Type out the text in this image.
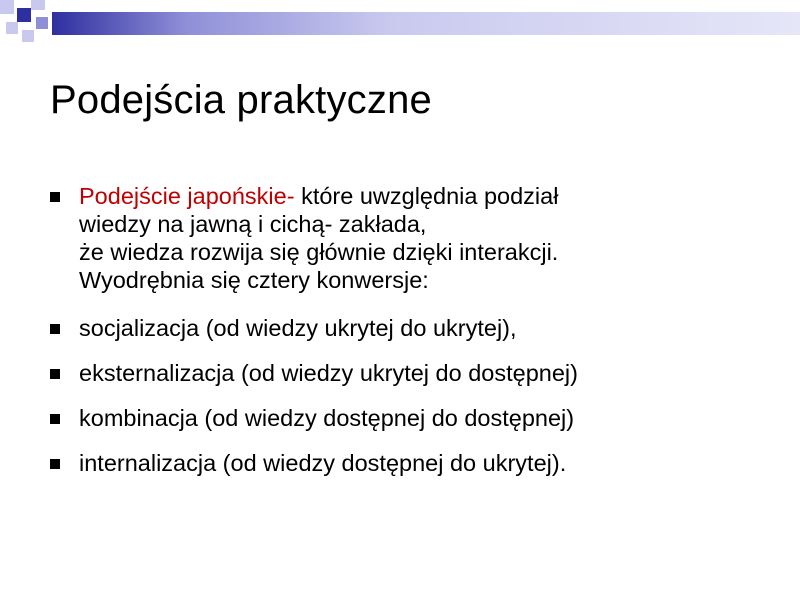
Podejścia praktyczne
Podejście japońskie- które uwzględnia podział
wiedzy na jawną i cichą- zakłada,
że wiedza rozwija się głównie dzięki interakcji.
Wyodrębnia się cztery konwersje:
socjalizacja (od wiedzy ukrytej do ukrytej),
eksternalizacja (od wiedzy ukrytej do dostępnej)
kombinacja (od wiedzy dostępnej do dostępnej)
internalizacja (od wiedzy dostępnej do ukrytej).
